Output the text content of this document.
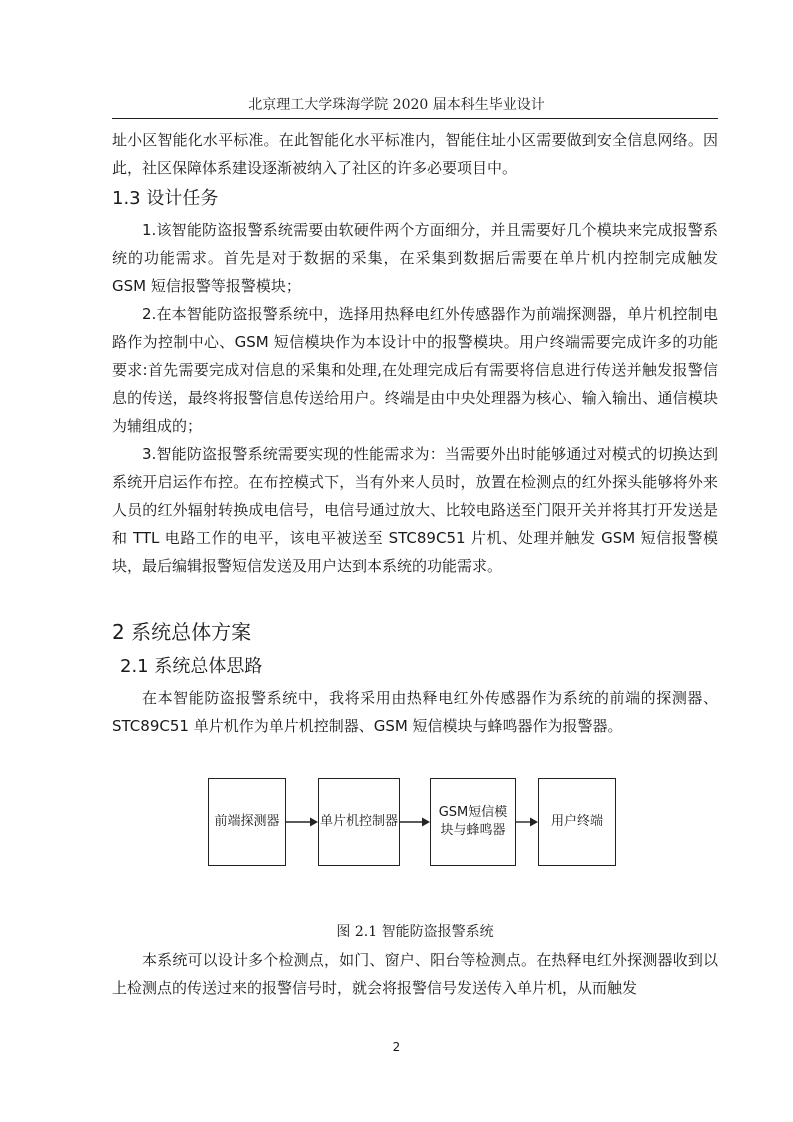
北京理工大学珠海学院 2020 届本科生毕业设计

址小区智能化水平标准。在此智能化水平标准内，智能住址小区需要做到安全信息网络。因此，社区保障体系建设逐渐被纳入了社区的许多必要项目中。

1.3 设计任务

1.该智能防盗报警系统需要由软硬件两个方面细分，并且需要好几个模块来完成报警系统的功能需求。首先是对于数据的采集，在采集到数据后需要在单片机内控制完成触发 GSM 短信报警等报警模块；

2.在本智能防盗报警系统中，选择用热释电红外传感器作为前端探测器，单片机控制电路作为控制中心、GSM 短信模块作为本设计中的报警模块。用户终端需要完成许多的功能要求:首先需要完成对信息的采集和处理,在处理完成后有需要将信息进行传送并触发报警信息的传送，最终将报警信息传送给用户。终端是由中央处理器为核心、输入输出、通信模块为辅组成的；

3.智能防盗报警系统需要实现的性能需求为：当需要外出时能够通过对模式的切换达到系统开启运作布控。在布控模式下，当有外来人员时，放置在检测点的红外探头能够将外来人员的红外辐射转换成电信号，电信号通过放大、比较电路送至门限开关并将其打开发送是和 TTL 电路工作的电平，该电平被送至 STC89C51 片机、处理并触发 GSM 短信报警模块，最后编辑报警短信发送及用户达到本系统的功能需求。

2 系统总体方案
2.1 系统总体思路

在本智能防盗报警系统中，我将采用由热释电红外传感器作为系统的前端的探测器、STC89C51 单片机作为单片机控制器、GSM 短信模块与蜂鸣器作为报警器。

前端探测器	单片机控制器
GSM短信模
块与蜂鸣器
用户终端
图 2.1 智能防盗报警系统

本系统可以设计多个检测点，如门、窗户、阳台等检测点。在热释电红外探测器收到以上检测点的传送过来的报警信号时，就会将报警信号发送传入单片机，从而触发

2
